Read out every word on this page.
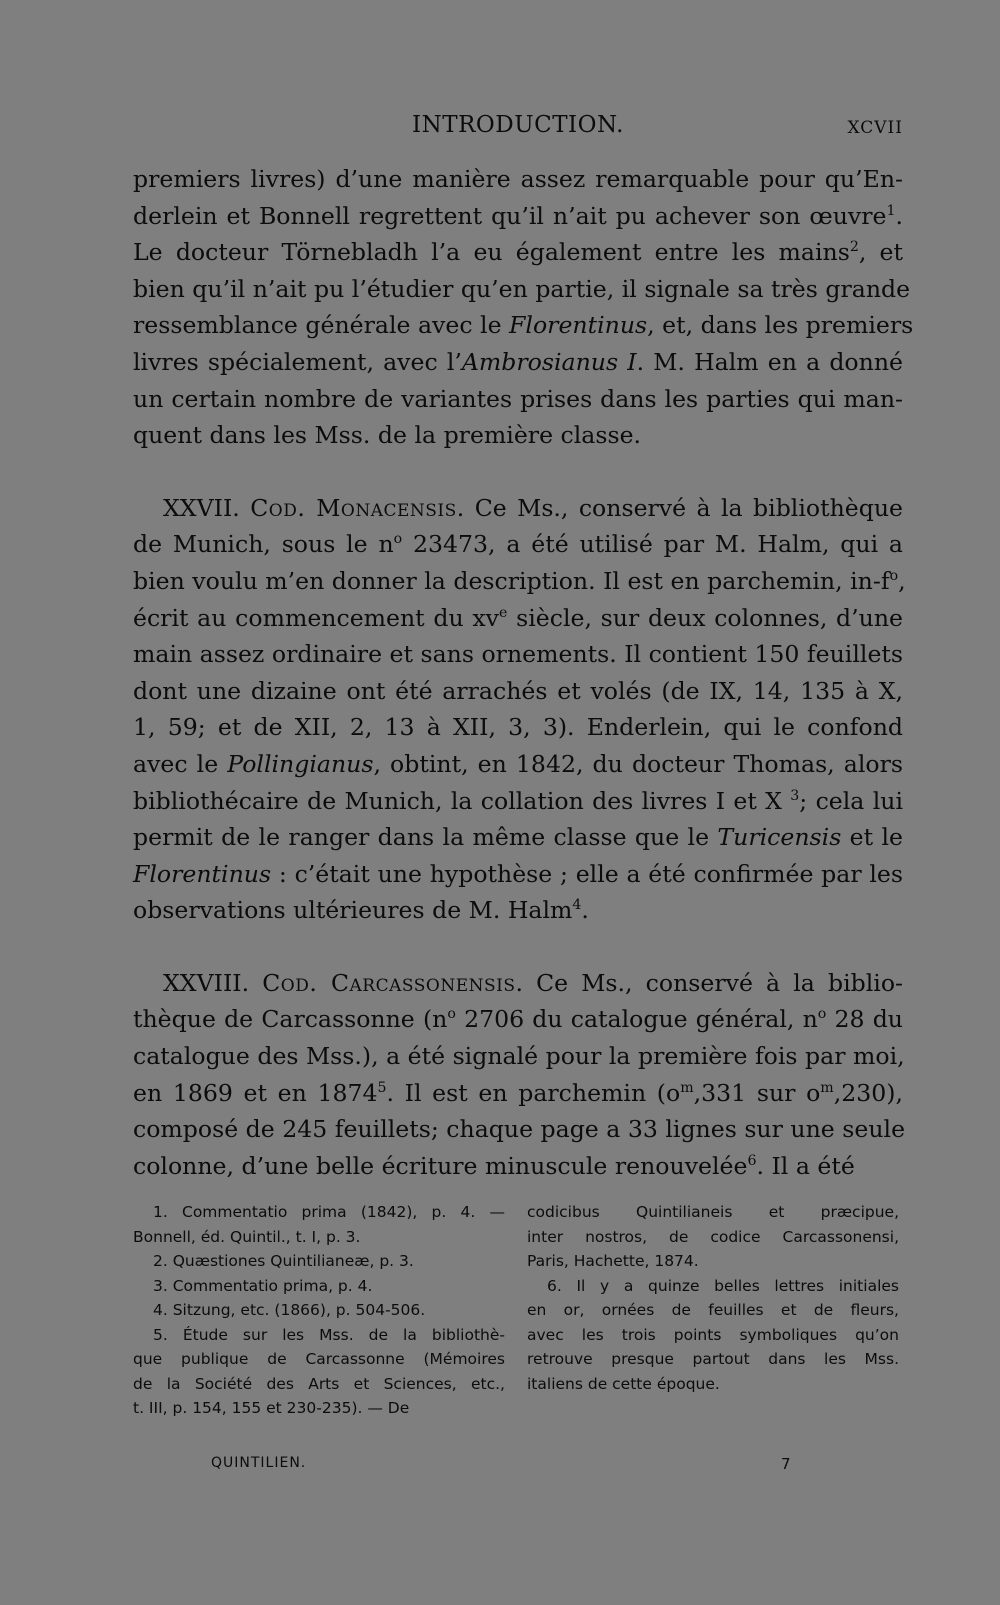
INTRODUCTION.	XCVII
premiers livres) d’une manière assez remarquable pour qu’En-
derlein et Bonnell regrettent qu’il n’ait pu achever son œuvre$^1$.
Le docteur Törnebladh l’a eu également entre les mains$^2$, et
bien qu’il n’ait pu l’étudier qu’en partie, il signale sa très grande
ressemblance générale avec le Florentinus, et, dans les premiers
livres spécialement, avec l’Ambrosianus I. M. Halm en a donné
un certain nombre de variantes prises dans les parties qui man-
quent dans les Mss. de la première classe.
XXVII. Cod. Monacensis. Ce Ms., conservé à la bibliothèque
de Munich, sous le $n^o$ 23473, a été utilisé par M. Halm, qui a
bien voulu m’en donner la description. Il est en parchemin, $in-f^o$,
écrit au commencement du $xv^e$ siècle, sur deux colonnes, d’une
main assez ordinaire et sans ornements. Il contient 150 feuillets
dont une dizaine ont été arrachés et volés (de IX, 14, 135 à X,
1, 59; et de XII, 2, 13 à XII, 3, 3). Enderlein, qui le confond
avec le Pollingianus, obtint, en 1842, du docteur Thomas, alors
bibliothécaire de Munich, la collation des livres I et X $^3$; cela lui
permit de le ranger dans la même classe que le Turicensis et le
Florentinus : c’était une hypothèse ; elle a été confirmée par les
observations ultérieures de M. Halm$^4$.
XXVIII. Cod. Carcassonensis. Ce Ms., conservé à la biblio-
thèque de Carcassonne ($n^o$ 2706 du catalogue général, $n^o$ 28 du
catalogue des Mss.), a été signalé pour la première fois par moi,
en 1869 et en 1874$^5$. Il est en parchemin ($o^m,331$ sur $o^m,230$),
composé de 245 feuillets; chaque page a 33 lignes sur une seule
colonne, d’une belle écriture minuscule renouvelée$^6$. Il a été
1. Commentatio prima (1842), p. 4. —
Bonnell, éd. Quintil., t. I, p. 3.
2. Quæstiones Quintilianeæ, p. 3.
3. Commentatio prima, p. 4.
4. Sitzung, etc. (1866), p. 504-506.
5. Étude sur les Mss. de la bibliothè-
que publique de Carcassonne (Mémoires
de la Société des Arts et Sciences, etc.,
t. III, p. 154, 155 et 230-235). — De
codicibus Quintilianeis et præcipue,
inter nostros, de codice Carcassonensi,
Paris, Hachette, 1874.
6. Il y a quinze belles lettres initiales
en or, ornées de feuilles et de fleurs,
avec les trois points symboliques qu’on
retrouve presque partout dans les Mss.
italiens de cette époque.
QUINTILIEN.	7
